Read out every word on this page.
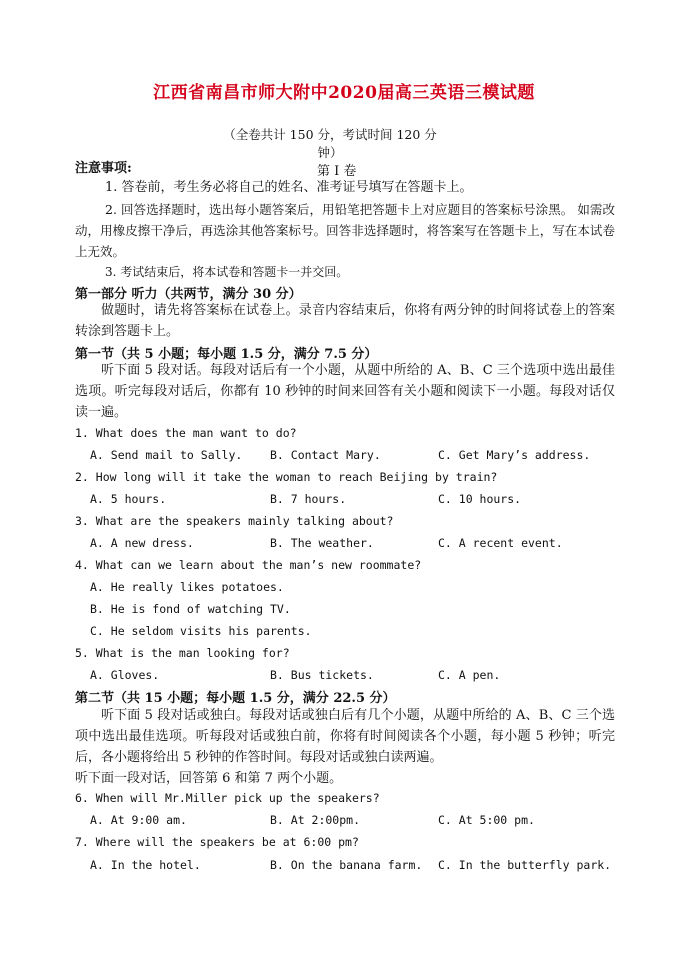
江西省南昌市师大附中2020届高三英语三模试题
（全卷共计 150 分，考试时间 120 分
钟）
注意事项:	第 I 卷
1. 答卷前，考生务必将自己的姓名、准考证号填写在答题卡上。
2. 回答选择题时，选出每小题答案后，用铅笔把答题卡上对应题目的答案标号涂黑。 如需改动，用橡皮擦干净后，再选涂其他答案标号。回答非选择题时，将答案写在答题卡上，写在本试卷上无效。
3. 考试结束后，将本试卷和答题卡一并交回。
第一部分 听力（共两节，满分 30 分）
做题时，请先将答案标在试卷上。录音内容结束后，你将有两分钟的时间将试卷上的答案转涂到答题卡上。
第一节（共 5 小题；每小题 1.5 分，满分 7.5 分）
听下面 5 段对话。每段对话后有一个小题，从题中所给的 A、B、C 三个选项中选出最佳选项。听完每段对话后，你都有 10 秒钟的时间来回答有关小题和阅读下一小题。每段对话仅读一遍。
1. What does the man want to do?
A. Send mail to Sally. B. Contact Mary.	C. Get Mary’s address.
2. How long will it take the woman to reach Beijing by train?
A. 5 hours.	B. 7 hours.	C. 10 hours.
3. What are the speakers mainly talking about?
A. A new dress.	B. The weather.	C. A recent event.
4. What can we learn about the man’s new roommate?
A. He really likes potatoes.
B. He is fond of watching TV.
C. He seldom visits his parents.
5. What is the man looking for?
A. Gloves.	B. Bus tickets.	C. A pen.
第二节（共 15 小题；每小题 1.5 分，满分 22.5 分）
听下面 5 段对话或独白。每段对话或独白后有几个小题，从题中所给的 A、B、C 三个选项中选出最佳选项。听每段对话或独白前，你将有时间阅读各个小题，每小题 5 秒钟；听完后，各小题将给出 5 秒钟的作答时间。每段对话或独白读两遍。
听下面一段对话，回答第 6 和第 7 两个小题。
6. When will Mr.Miller pick up the speakers?
A. At 9:00 am.	B. At 2:00pm.	C. At 5:00 pm.
7. Where will the speakers be at 6:00 pm?
A. In the hotel.	B. On the banana farm. C. In the butterfly park.
